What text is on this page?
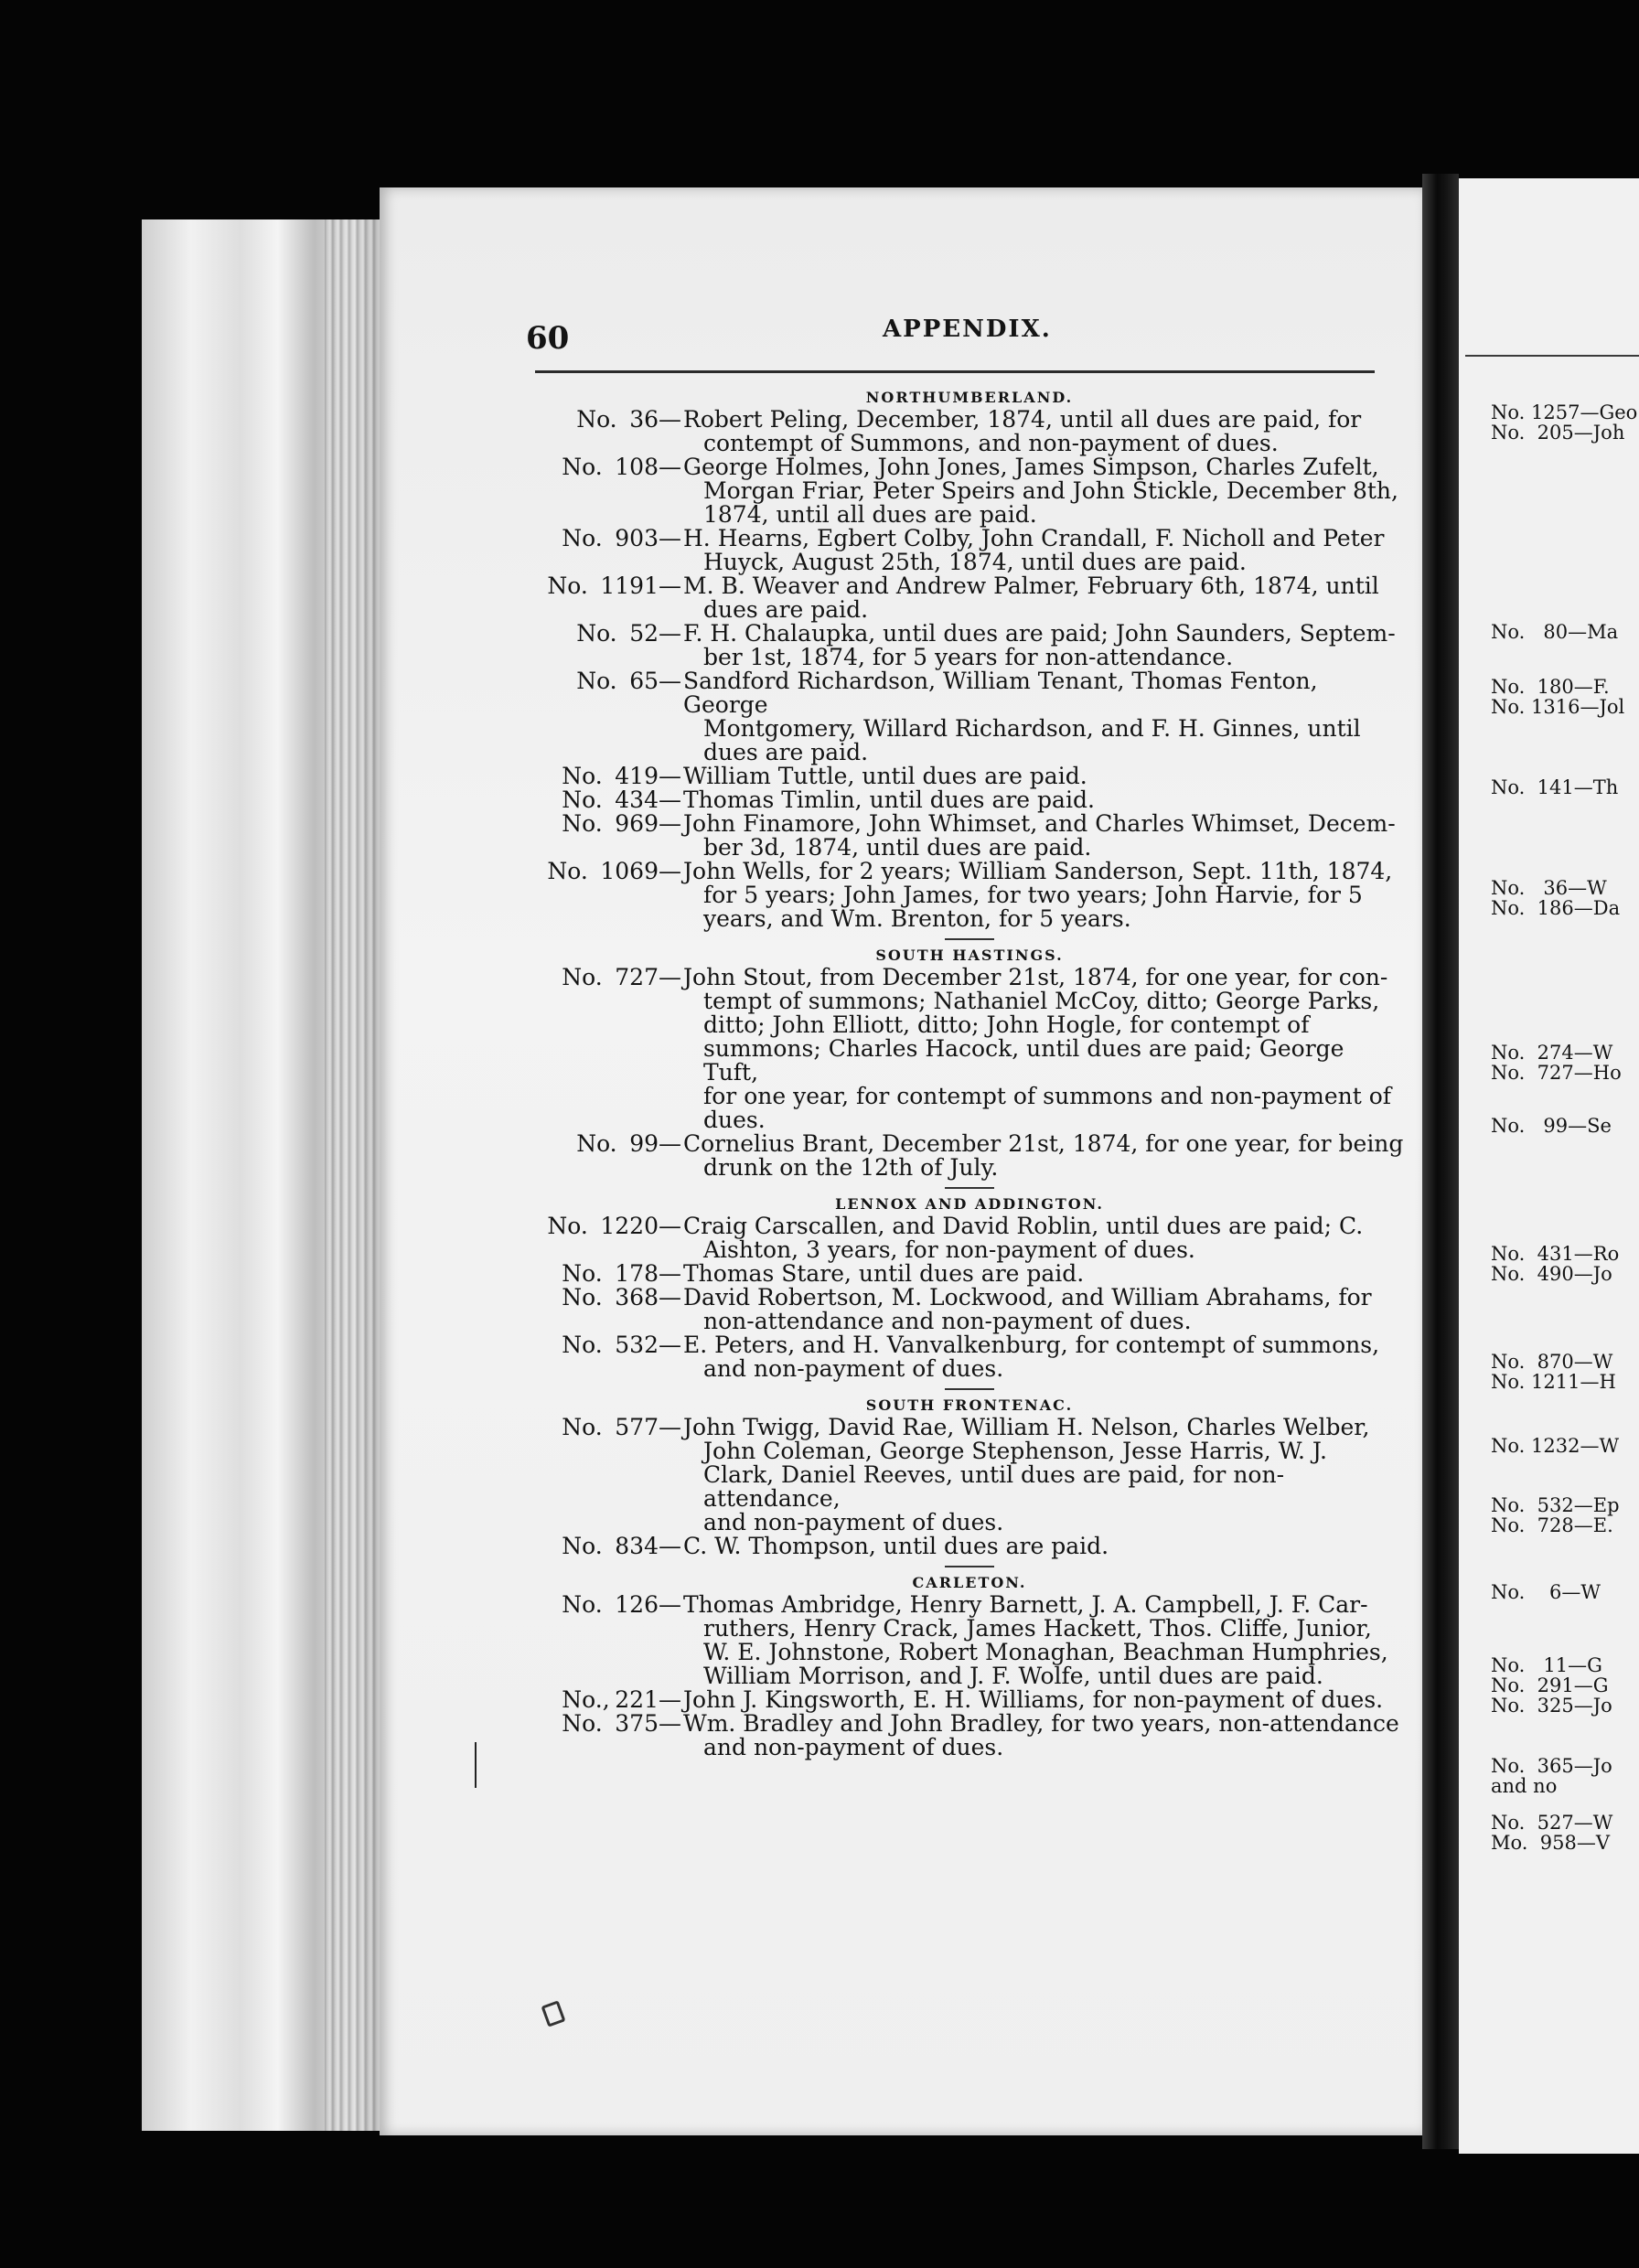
60	APPENDIX.
NORTHUMBERLAND.
No. 36— Robert Peling, December, 1874, until all dues are paid, for
contempt of Summons, and non-payment of dues.
No. 108— George Holmes, John Jones, James Simpson, Charles Zufelt,
Morgan Friar, Peter Speirs and John Stickle, December 8th,
1874, until all dues are paid.
No. 903— H. Hearns, Egbert Colby, John Crandall, F. Nicholl and Peter
Huyck, August 25th, 1874, until dues are paid.
No. 1191— M. B. Weaver and Andrew Palmer, February 6th, 1874, until
dues are paid.
No. 52— F. H. Chalaupka, until dues are paid; John Saunders, Septem-
ber 1st, 1874, for 5 years for non-attendance.
No. 65— Sandford Richardson, William Tenant, Thomas Fenton, George
Montgomery, Willard Richardson, and F. H. Ginnes, until
dues are paid.
No. 419— William Tuttle, until dues are paid.
No. 434— Thomas Timlin, until dues are paid.
No. 969— John Finamore, John Whimset, and Charles Whimset, Decem-
ber 3d, 1874, until dues are paid.
No. 1069— John Wells, for 2 years; William Sanderson, Sept. 11th, 1874,
for 5 years; John James, for two years; John Harvie, for 5
years, and Wm. Brenton, for 5 years.
SOUTH HASTINGS.
No. 727— John Stout, from December 21st, 1874, for one year, for con-
tempt of summons; Nathaniel McCoy, ditto; George Parks,
ditto; John Elliott, ditto; John Hogle, for contempt of
summons; Charles Hacock, until dues are paid; George Tuft,
for one year, for contempt of summons and non-payment of
dues.
No. 99— Cornelius Brant, December 21st, 1874, for one year, for being
drunk on the 12th of July.
LENNOX AND ADDINGTON.
No. 1220— Craig Carscallen, and David Roblin, until dues are paid; C.
Aishton, 3 years, for non-payment of dues.
No. 178— Thomas Stare, until dues are paid.
No. 368— David Robertson, M. Lockwood, and William Abrahams, for
non-attendance and non-payment of dues.
No. 532— E. Peters, and H. Vanvalkenburg, for contempt of summons,
and non-payment of dues.
SOUTH FRONTENAC.
No. 577— John Twigg, David Rae, William H. Nelson, Charles Welber,
John Coleman, George Stephenson, Jesse Harris, W. J.
Clark, Daniel Reeves, until dues are paid, for non-attendance,
and non-payment of dues.
No. 834— C. W. Thompson, until dues are paid.
CARLETON.
No. 126— Thomas Ambridge, Henry Barnett, J. A. Campbell, J. F. Car-
ruthers, Henry Crack, James Hackett, Thos. Cliffe, Junior,
W. E. Johnstone, Robert Monaghan, Beachman Humphries,
William Morrison, and J. F. Wolfe, until dues are paid.
No., 221— John J. Kingsworth, E. H. Williams, for non-payment of dues.
No. 375— Wm. Bradley and John Bradley, for two years, non-attendance
and non-payment of dues.
No. 1257—Geo
No.  205—Joh
No.   80—Ma
No.  180—F.
No. 1316—Jol
No.  141—Th
No.   36—W
No.  186—Da
No.  274—W
No.  727—Ho
No.   99—Se
No.  431—Ro
No.  490—Jo
No.  870—W
No. 1211—H
No. 1232—W
No.  532—Ep
No.  728—E.
No.    6—W
No.   11—G
No.  291—G
No.  325—Jo
No.  365—Jo
and no
No.  527—W
Mo.  958—V
